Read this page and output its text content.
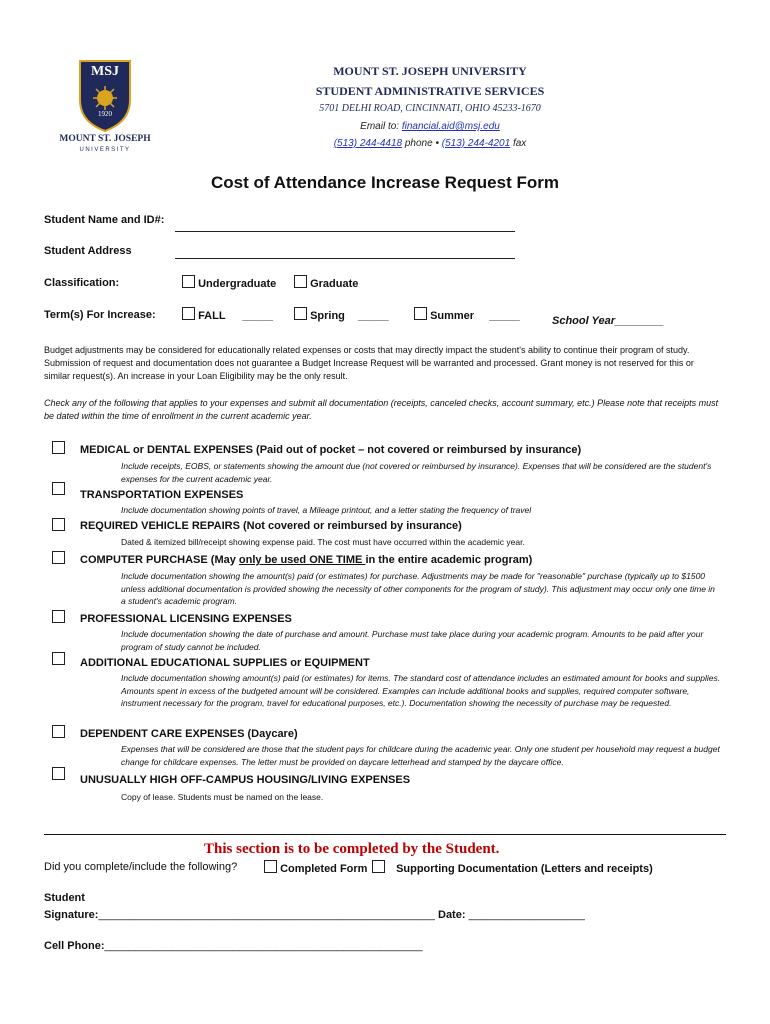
MSJ
1920
MOUNT ST. JOSEPH
UNIVERSITY
MOUNT ST. JOSEPH UNIVERSITY
STUDENT ADMINISTRATIVE SERVICES
5701 DELHI ROAD, CINCINNATI, OHIO 45233-1670
Email to: financial.aid@msj.edu
(513) 244-4418 phone • (513) 244-4201 fax
Cost of Attendance Increase Request Form
Student Name and ID#:
Student Address
Classification:	Undergraduate	Graduate
Term(s) For Increase:	FALL _____	Spring _____	Summer _____	School Year________
Budget adjustments may be considered for educationally related expenses or costs that may directly impact the student's ability to continue their program of study. Submission of request and documentation does not guarantee a Budget Increase Request will be warranted and processed. Grant money is not reserved for this or similar request(s). An increase in your Loan Eligibility may be the only result.
Check any of the following that applies to your expenses and submit all documentation (receipts, canceled checks, account summary, etc.) Please note that receipts must be dated within the time of enrollment in the current academic year.
MEDICAL or DENTAL EXPENSES (Paid out of pocket – not covered or reimbursed by insurance)
Include receipts, EOBS, or statements showing the amount due (not covered or reimbursed by insurance). Expenses that will be considered are the student's expenses for the current academic year.
TRANSPORTATION EXPENSES
Include documentation showing points of travel, a Mileage printout, and a letter stating the frequency of travel
REQUIRED VEHICLE REPAIRS (Not covered or reimbursed by insurance)
Dated & itemized bill/receipt showing expense paid. The cost must have occurred within the academic year.
COMPUTER PURCHASE (May only be used ONE TIME in the entire academic program)
Include documentation showing the amount(s) paid (or estimates) for purchase. Adjustments may be made for "reasonable" purchase (typically up to $1500 unless additional documentation is provided showing the necessity of other components for the program of study). This adjustment may occur only one time in a student's academic program.
PROFESSIONAL LICENSING EXPENSES
Include documentation showing the date of purchase and amount. Purchase must take place during your academic program. Amounts to be paid after your program of study cannot be included.
ADDITIONAL EDUCATIONAL SUPPLIES or EQUIPMENT
Include documentation showing amount(s) paid (or estimates) for items. The standard cost of attendance includes an estimated amount for books and supplies. Amounts spent in excess of the budgeted amount will be considered. Examples can include additional books and supplies, required computer software, instrument necessary for the program, travel for educational purposes, etc.). Documentation showing the necessity of purchase may be requested.
DEPENDENT CARE EXPENSES (Daycare)
Expenses that will be considered are those that the student pays for childcare during the academic year. Only one student per household may request a budget change for childcare expenses. The letter must be provided on daycare letterhead and stamped by the daycare office.
UNUSUALLY HIGH OFF-CAMPUS HOUSING/LIVING EXPENSES
Copy of lease. Students must be named on the lease.
This section is to be completed by the Student.
Did you complete/include the following?	Completed Form	Supporting Documentation (Letters and receipts)
Student
Signature:_______________________________________________________ Date: ___________________
Cell Phone:____________________________________________________
